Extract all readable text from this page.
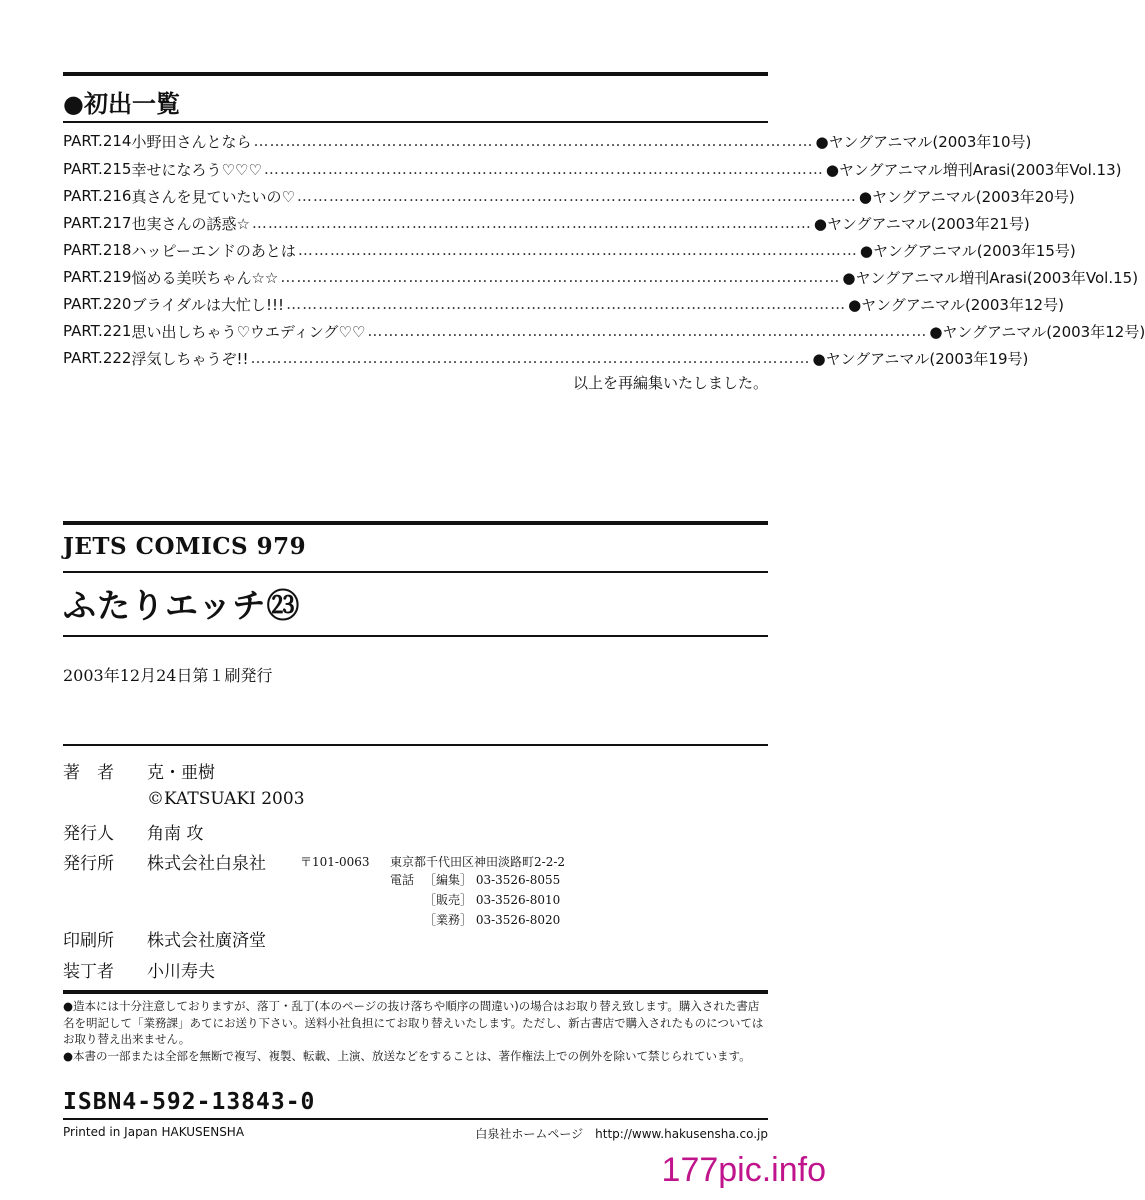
●初出一覧
PART.214 小野田さんとなら …………………………………………………………………………………………… ●ヤングアニマル(2003年10号)
PART.215 幸せになろう♡♡♡ …………………………………………………………………………………………… ●ヤングアニマル増刊Arasi(2003年Vol.13)
PART.216 真さんを見ていたいの♡ …………………………………………………………………………………………… ●ヤングアニマル(2003年20号)
PART.217 也実さんの誘惑☆ …………………………………………………………………………………………… ●ヤングアニマル(2003年21号)
PART.218 ハッピーエンドのあとは …………………………………………………………………………………………… ●ヤングアニマル(2003年15号)
PART.219 悩める美咲ちゃん☆☆ …………………………………………………………………………………………… ●ヤングアニマル増刊Arasi(2003年Vol.15)
PART.220 ブライダルは大忙し!!! …………………………………………………………………………………………… ●ヤングアニマル(2003年12号)
PART.221 思い出しちゃう♡ウエディング♡♡ …………………………………………………………………………………………… ●ヤングアニマル(2003年12号)
PART.222 浮気しちゃうぞ!! …………………………………………………………………………………………… ●ヤングアニマル(2003年19号)
以上を再編集いたしました。
JETS COMICS 979
ふたりエッチ㉓
2003年12月24日第１刷発行
著　者	克・亜樹
©KATSUAKI 2003
発行人	角南 攻
発行所	株式会社白泉社	〒101-0063 東京都千代田区神田淡路町2-2-2
電話 ［編集］ 03-3526-8055
［販売］ 03-3526-8010
［業務］ 03-3526-8020
印刷所	株式会社廣済堂
装丁者	小川寿夫

●造本には十分注意しておりますが、落丁・乱丁(本のページの抜け落ちや順序の間違い)の場合はお取り替え致します。購入された書店名を明記して「業務課」あてにお送り下さい。送料小社負担にてお取り替えいたします。ただし、新古書店で購入されたものについてはお取り替え出来ません。

●本書の一部または全部を無断で複写、複製、転載、上演、放送などをすることは、著作権法上での例外を除いて禁じられています。

ISBN4-592-13843-0
Printed in Japan HAKUSENSHA	白泉社ホームページ　http://www.hakusensha.co.jp
177pic.info
